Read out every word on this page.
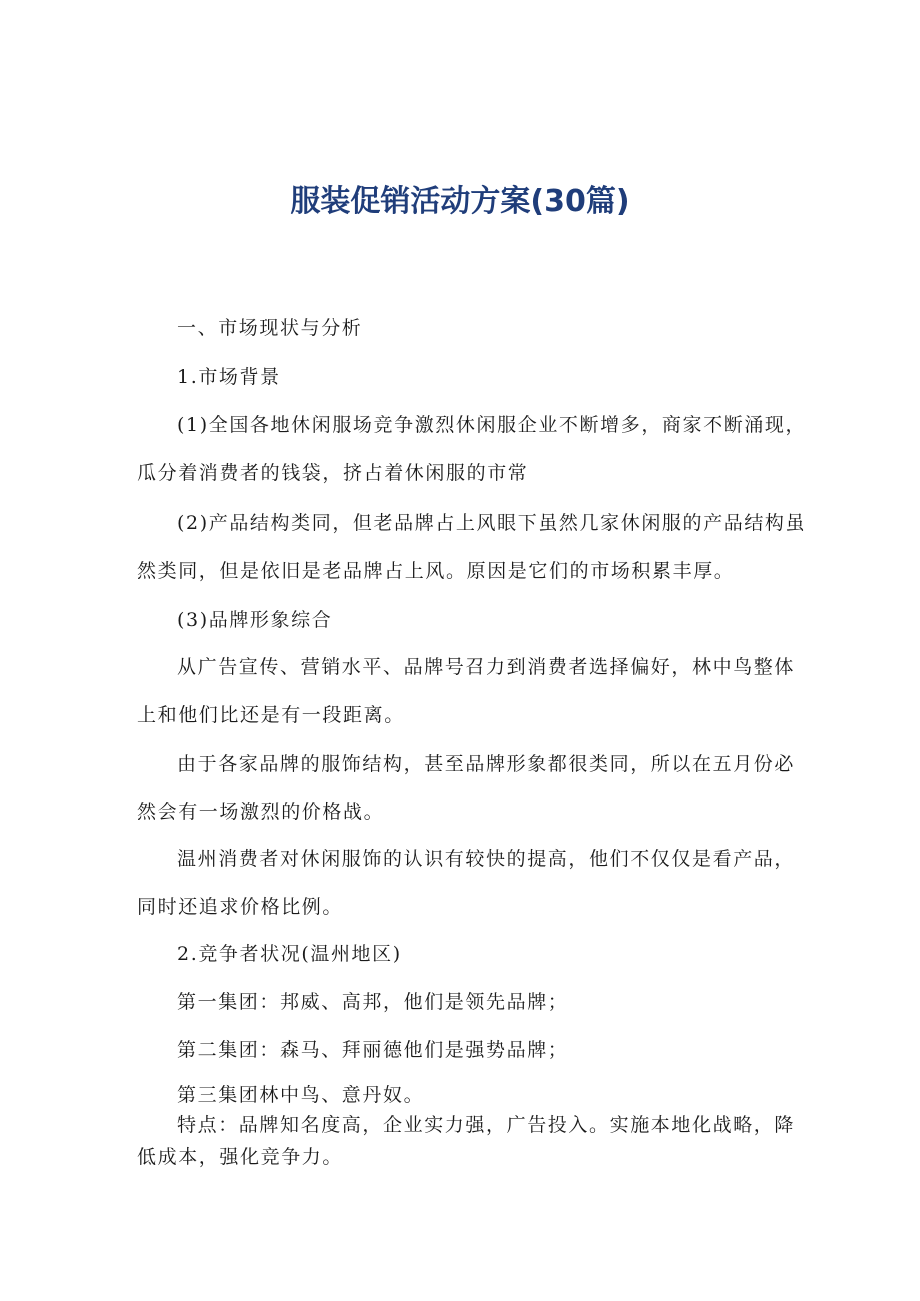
服装促销活动方案(30篇)

一、市场现状与分析

1.市场背景

(1)全国各地休闲服场竞争激烈休闲服企业不断增多，商家不断涌现，
瓜分着消费者的钱袋，挤占着休闲服的市常
(2)产品结构类同，但老品牌占上风眼下虽然几家休闲服的产品结构虽
然类同，但是依旧是老品牌占上风。原因是它们的市场积累丰厚。

(3)品牌形象综合

从广告宣传、营销水平、品牌号召力到消费者选择偏好，林中鸟整体
上和他们比还是有一段距离。
由于各家品牌的服饰结构，甚至品牌形象都很类同，所以在五月份必
然会有一场激烈的价格战。
温州消费者对休闲服饰的认识有较快的提高，他们不仅仅是看产品，
同时还追求价格比例。

2.竞争者状况(温州地区)

第一集团：邦威、高邦，他们是领先品牌；

第二集团：森马、拜丽德他们是强势品牌；

第三集团林中鸟、意丹奴。

特点：品牌知名度高，企业实力强，广告投入。实施本地化战略，降
低成本，强化竞争力。
